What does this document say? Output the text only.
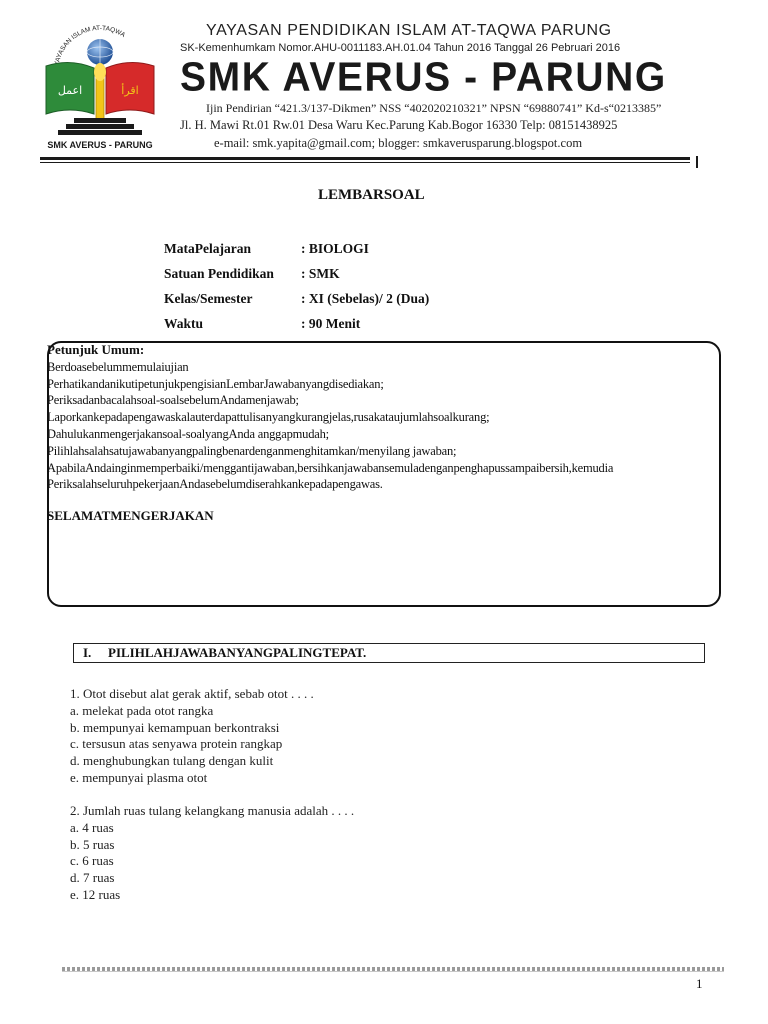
AYASAN ISLAM AT-TAQWA
اعمل	اقرأ
SMK AVERUS - PARUNG
YAYASAN PENDIDIKAN ISLAM AT-TAQWA PARUNG
SK-Kemenhumkam Nomor.AHU-0011183.AH.01.04 Tahun 2016 Tanggal 26 Pebruari 2016
SMK AVERUS - PARUNG
Ijin Pendirian “421.3/137-Dikmen” NSS “402020210321” NPSN “69880741” Kd-s“0213385”
Jl. H. Mawi Rt.01 Rw.01 Desa Waru Kec.Parung Kab.Bogor 16330 Telp: 08151438925
e-mail: smk.yapita@gmail.com; blogger: smkaverusparung.blogspot.com
LEMBARSOAL
MataPelajaran	: BIOLOGI
Satuan Pendidikan : SMK
Kelas/Semester	: XI (Sebelas)/ 2 (Dua)
Waktu	: 90 Menit
Petunjuk Umum:
Berdoasebelummemulaiujian
PerhatikandanikutipetunjukpengisianLembarJawabanyangdisediakan;
Periksadanbacalahsoal-soalsebelumAndamenjawab;
Laporkankepadapengawaskalauterdapattulisanyangkurangjelas,rusakataujumlahsoalkurang;
Dahulukanmengerjakansoal-soalyangAnda anggapmudah;
Pilihlahsalahsatujawabanyangpalingbenardenganmenghitamkan/menyilang jawaban;
ApabilaAndainginmemperbaiki/menggantijawaban,bersihkanjawabansemuladenganpenghapussampaibersih,kemudia
PeriksalahseluruhpekerjaanAndasebelumdiserahkankepadapengawas.
SELAMATMENGERJAKAN
I. PILIHLAHJAWABANYANGPALINGTEPAT.
1. Otot disebut alat gerak aktif, sebab otot . . . .
a. melekat pada otot rangka
b. mempunyai kemampuan berkontraksi
c. tersusun atas senyawa protein rangkap
d. menghubungkan tulang dengan kulit
e. mempunyai plasma otot
2. Jumlah ruas tulang kelangkang manusia adalah . . . .
a. 4 ruas
b. 5 ruas
c. 6 ruas
d. 7 ruas
e. 12 ruas
1
